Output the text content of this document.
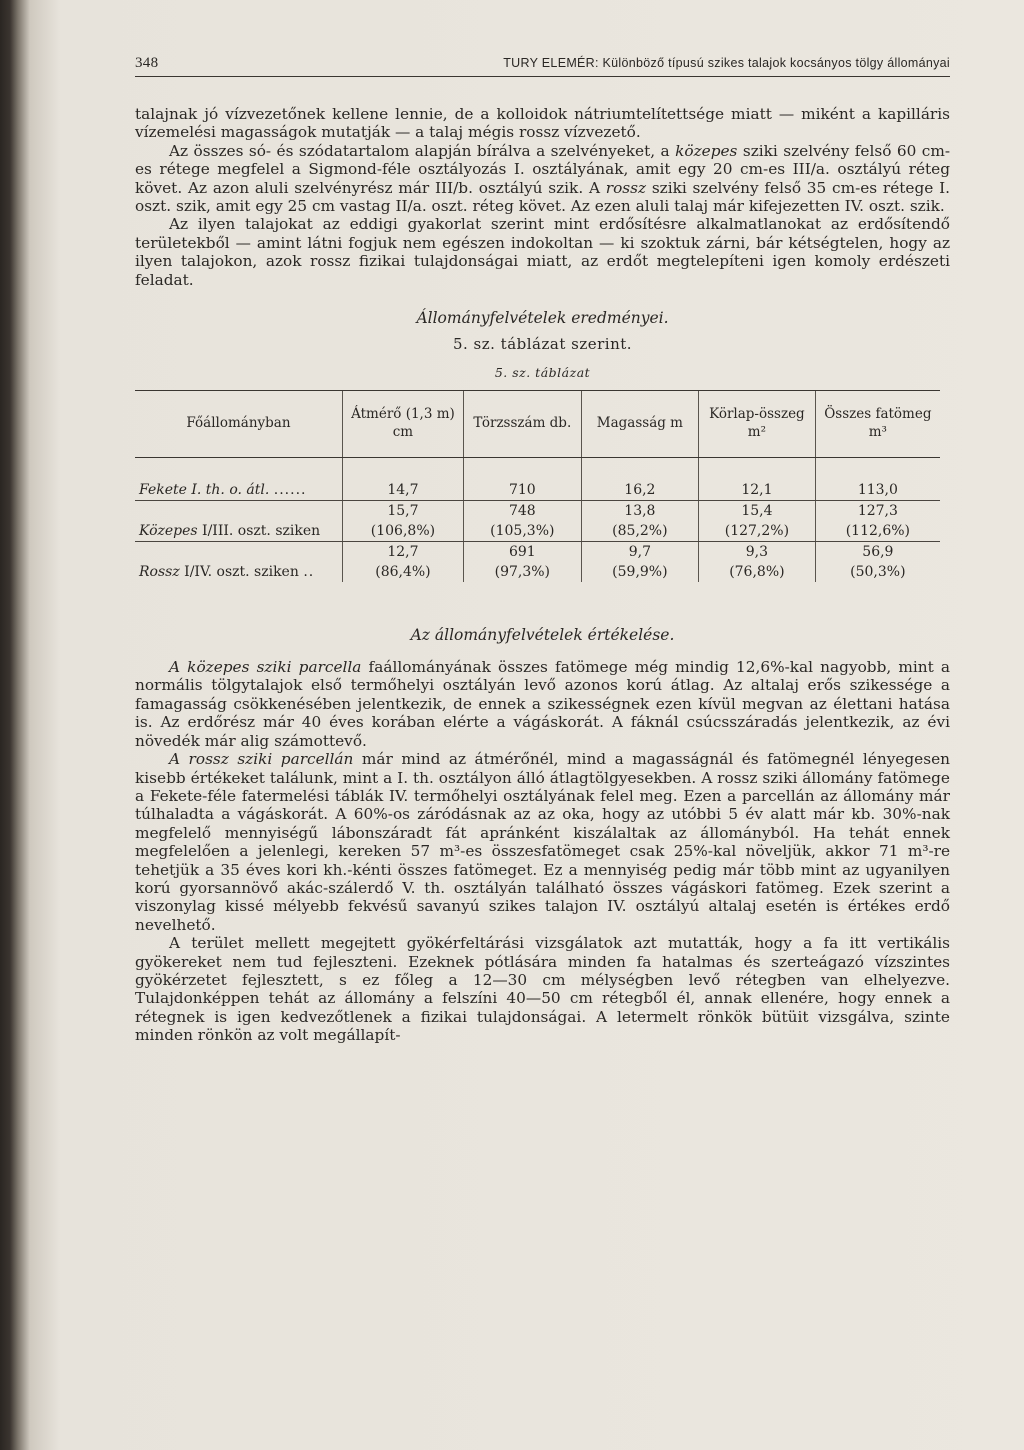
348	TURY ELEMÉR: Különböző típusú szikes talajok kocsányos tölgy állományai

talajnak jó vízvezetőnek kellene lennie, de a kolloidok nátriumtelítettsége miatt — miként a kapilláris vízemelési magasságok mutatják — a talaj mégis rossz vízvezető.

Az összes só- és szódatartalom alapján bírálva a szelvényeket, a közepes sziki szelvény felső 60 cm-es rétege megfelel a Sigmond-féle osztályozás I. osztályának, amit egy 20 cm-es III/a. osztályú réteg követ. Az azon aluli szelvényrész már III/b. osztályú szik. A rossz sziki szelvény felső 35 cm-es rétege I. oszt. szik, amit egy 25 cm vastag II/a. oszt. réteg követ. Az ezen aluli talaj már kifejezetten IV. oszt. szik.

Az ilyen talajokat az eddigi gyakorlat szerint mint erdősítésre alkalmatlanokat az erdősítendő területekből — amint látni fogjuk nem egészen indokoltan — ki szoktuk zárni, bár kétségtelen, hogy az ilyen talajokon, azok rossz fizikai tulajdonságai miatt, az erdőt megtelepíteni igen komoly erdészeti feladat.

Állományfelvételek eredményei.
5. sz. táblázat szerint.
5. sz. táblázat
Főállományban	Átmérő (1,3 m) cm	Törzsszám db.	Magasság m	Körlap-összeg m²	Összes fatömeg m³
Fekete I. th. o. átl. ......	14,7	710	16,2	12,1	113,0
	15,7	748	13,8	15,4	127,3
Közepes I/III. oszt. sziken	(106,8%)	(105,3%)	(85,2%)	(127,2%)	(112,6%)
	12,7	691	9,7	9,3	56,9
Rossz I/IV. oszt. sziken ..	(86,4%)	(97,3%)	(59,9%)	(76,8%)	(50,3%)
Az állományfelvételek értékelése.

A közepes sziki parcella faállományának összes fatömege még mindig 12,6%-kal nagyobb, mint a normális tölgytalajok első termőhelyi osztályán levő azonos korú átlag. Az altalaj erős szikessége a famagasság csökkenésében jelentkezik, de ennek a szikességnek ezen kívül megvan az élettani hatása is. Az erdőrész már 40 éves korában elérte a vágáskorát. A fáknál csúcsszáradás jelentkezik, az évi növedék már alig számottevő.

A rossz sziki parcellán már mind az átmérőnél, mind a magasságnál és fatömegnél lényegesen kisebb értékeket találunk, mint a I. th. osztályon álló átlagtölgyesekben. A rossz sziki állomány fatömege a Fekete-féle fatermelési táblák IV. termőhelyi osztályának felel meg. Ezen a parcellán az állomány már túlhaladta a vágáskorát. A 60%-os záródásnak az az oka, hogy az utóbbi 5 év alatt már kb. 30%-nak megfelelő mennyiségű lábonszáradt fát apránként kiszálaltak az állományból. Ha tehát ennek megfelelően a jelenlegi, kereken 57 m³-es összesfatömeget csak 25%-kal növeljük, akkor 71 m³-re tehetjük a 35 éves kori kh.-kénti összes fatömeget. Ez a mennyiség pedig már több mint az ugyanilyen korú gyorsannövő akác-szálerdő V. th. osztályán található összes vágáskori fatömeg. Ezek szerint a viszonylag kissé mélyebb fekvésű savanyú szikes talajon IV. osztályú altalaj esetén is értékes erdő nevelhető.

A terület mellett megejtett gyökérfeltárási vizsgálatok azt mutatták, hogy a fa itt vertikális gyökereket nem tud fejleszteni. Ezeknek pótlására minden fa hatalmas és szerteágazó vízszintes gyökérzetet fejlesztett, s ez főleg a 12—30 cm mélységben levő rétegben van elhelyezve. Tulajdonképpen tehát az állomány a felszíni 40—50 cm rétegből él, annak ellenére, hogy ennek a rétegnek is igen kedvezőtlenek a fizikai tulajdonságai. A letermelt rönkök bütüit vizsgálva, szinte minden rönkön az volt megállapít-
